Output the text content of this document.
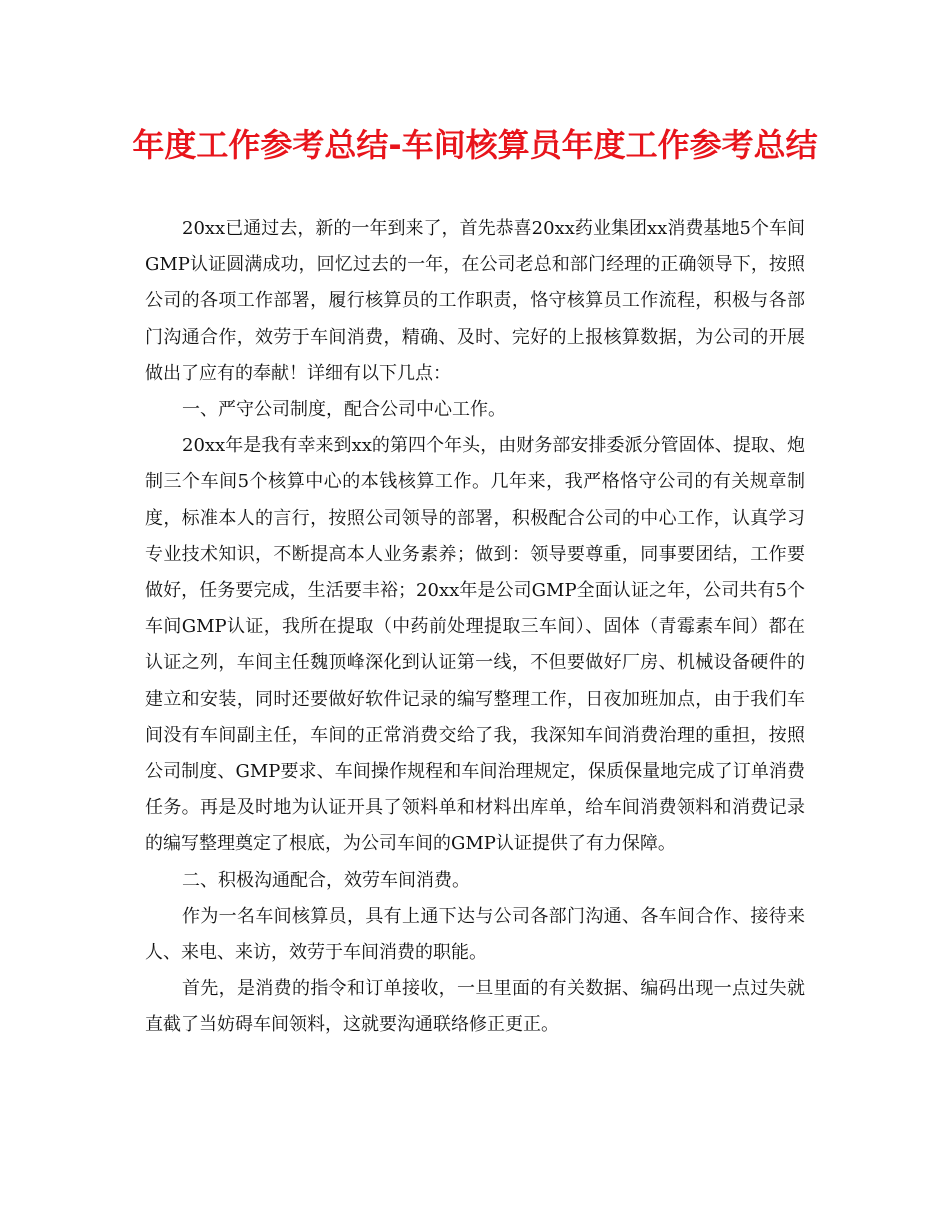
年度工作参考总结-车间核算员年度工作参考总结

20xx已通过去，新的一年到来了，首先恭喜20xx药业集团xx消费基地5个车间GMP认证圆满成功，回忆过去的一年，在公司老总和部门经理的正确领导下，按照公司的各项工作部署，履行核算员的工作职责，恪守核算员工作流程，积极与各部门沟通合作，效劳于车间消费，精确、及时、完好的上报核算数据，为公司的开展做出了应有的奉献！详细有以下几点：

一、严守公司制度，配合公司中心工作。

20xx年是我有幸来到xx的第四个年头，由财务部安排委派分管固体、提取、炮制三个车间5个核算中心的本钱核算工作。几年来，我严格恪守公司的有关规章制度，标准本人的言行，按照公司领导的部署，积极配合公司的中心工作，认真学习专业技术知识，不断提高本人业务素养；做到：领导要尊重，同事要团结，工作要做好，任务要完成，生活要丰裕；20xx年是公司GMP全面认证之年，公司共有5个车间GMP认证，我所在提取（中药前处理提取三车间）、固体（青霉素车间）都在认证之列，车间主任魏顶峰深化到认证第一线，不但要做好厂房、机械设备硬件的建立和安装，同时还要做好软件记录的编写整理工作，日夜加班加点，由于我们车间没有车间副主任，车间的正常消费交给了我，我深知车间消费治理的重担，按照公司制度、GMP要求、车间操作规程和车间治理规定，保质保量地完成了订单消费任务。再是及时地为认证开具了领料单和材料出库单，给车间消费领料和消费记录的编写整理奠定了根底，为公司车间的GMP认证提供了有力保障。

二、积极沟通配合，效劳车间消费。

作为一名车间核算员，具有上通下达与公司各部门沟通、各车间合作、接待来人、来电、来访，效劳于车间消费的职能。

首先，是消费的指令和订单接收，一旦里面的有关数据、编码出现一点过失就直截了当妨碍车间领料，这就要沟通联络修正更正。
